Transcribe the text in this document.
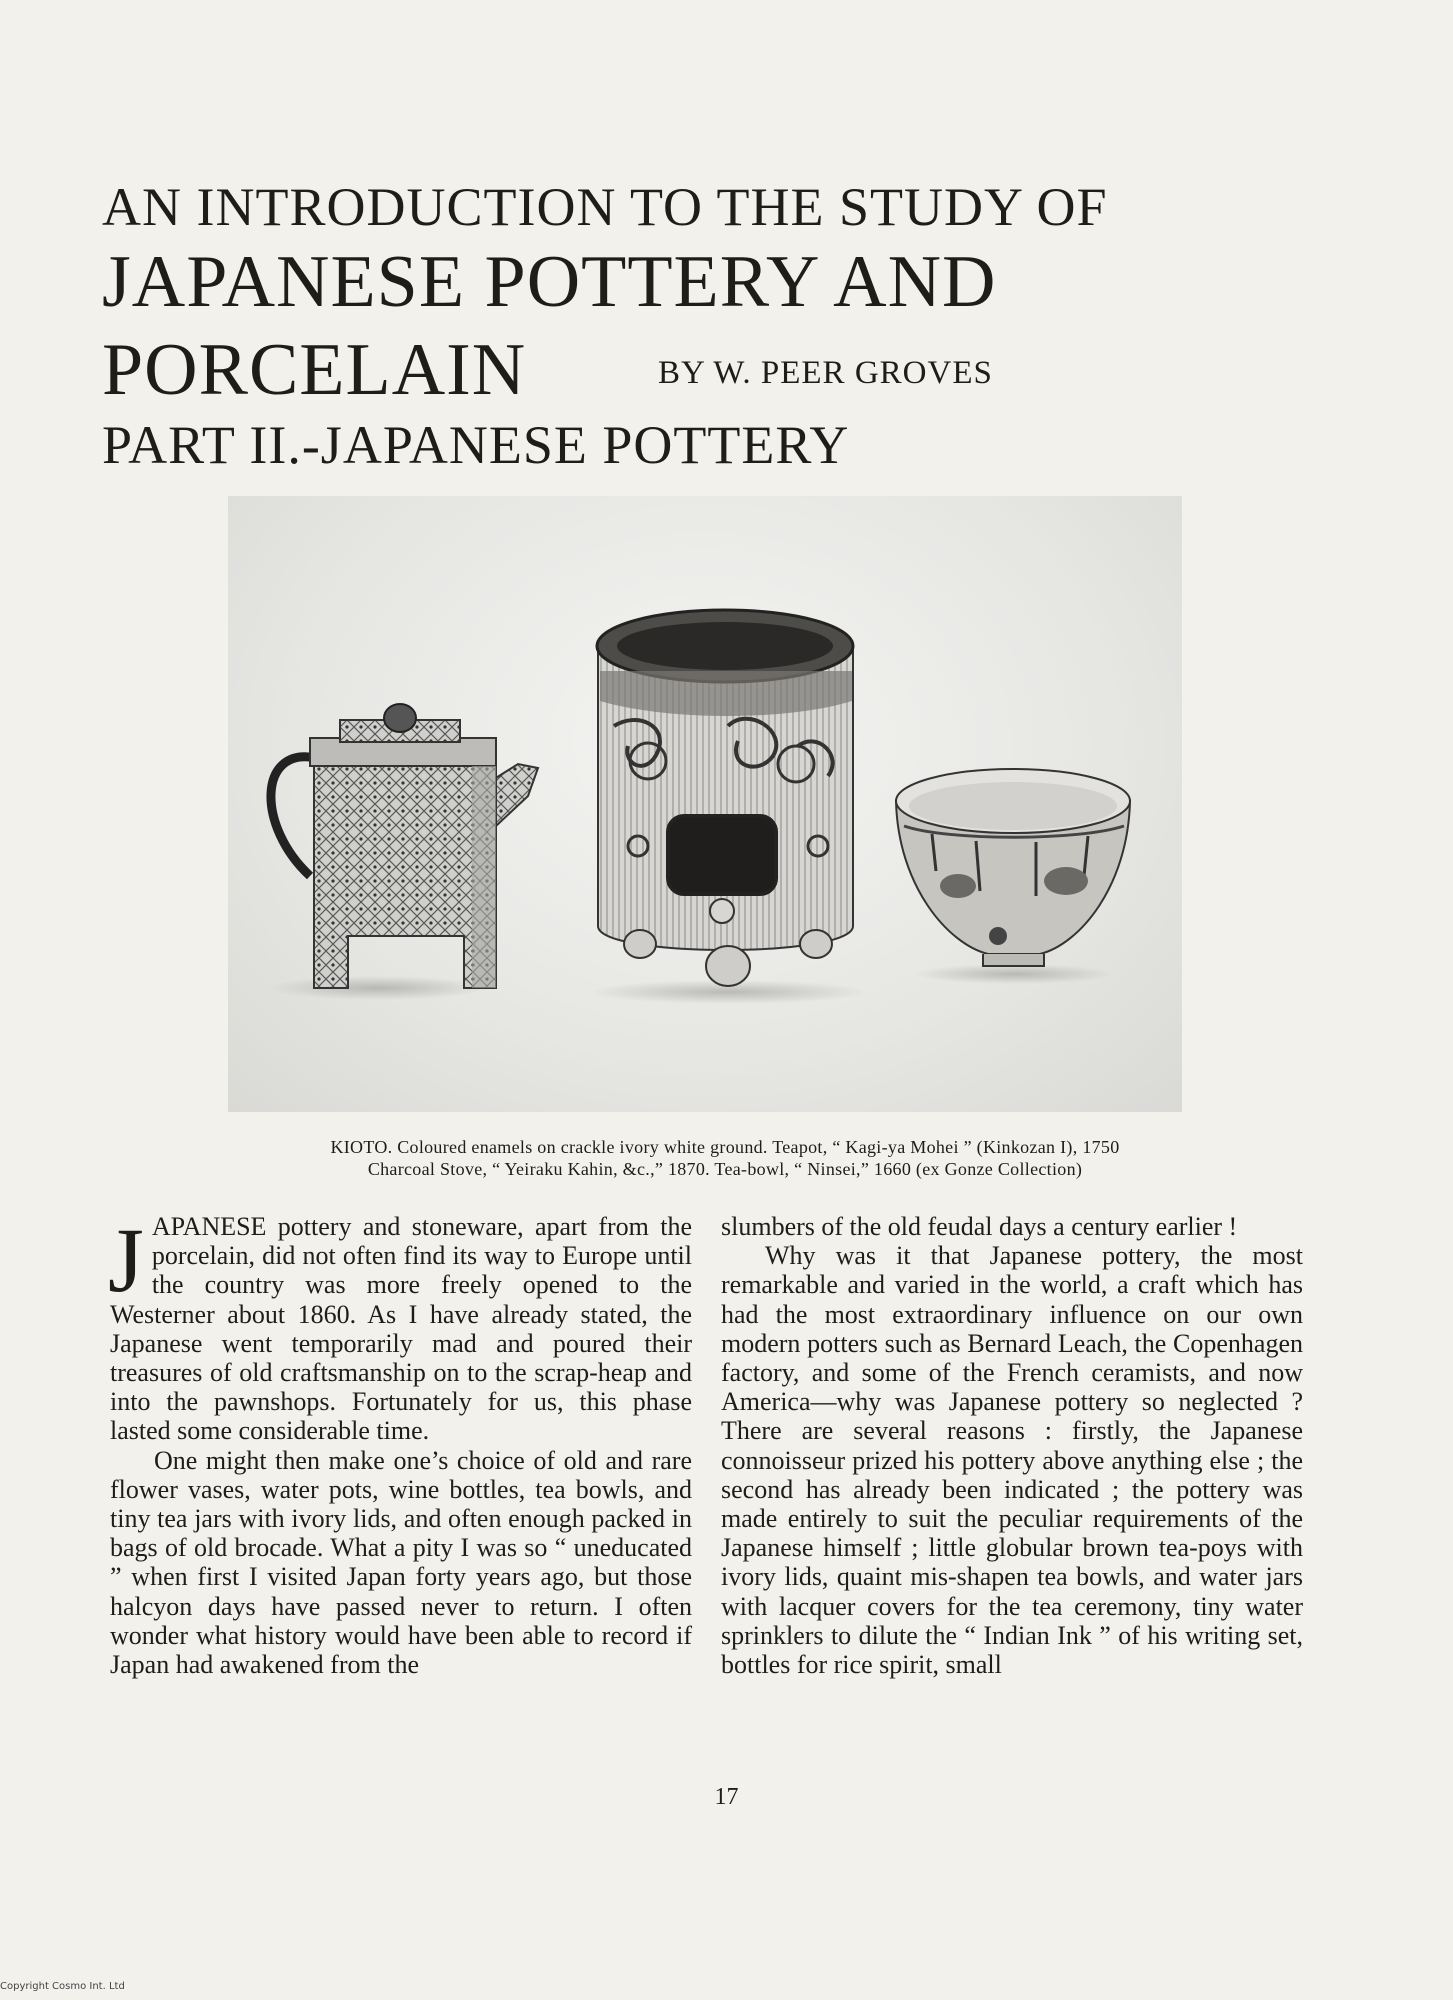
AN INTRODUCTION TO THE STUDY OF
JAPANESE POTTERY AND
PORCELAIN	BY W. PEER GROVES
PART II.-JAPANESE POTTERY
KIOTO. Coloured enamels on crackle ivory white ground. Teapot, “ Kagi-ya Mohei ” (Kinkozan I), 1750
Charcoal Stove, “ Yeiraku Kahin, &c.,” 1870. Tea-bowl, “ Ninsei,” 1660 (ex Gonze Collection)

JAPANESE pottery and stoneware, apart from the porcelain, did not often find its way to Europe until the country was more freely opened to the Westerner about 1860. As I have already stated, the Japanese went temporarily mad and poured their treasures of old craftsmanship on to the scrap-heap and into the pawnshops. Fortunately for us, this phase lasted some considerable time.

One might then make one’s choice of old and rare flower vases, water pots, wine bottles, tea bowls, and tiny tea jars with ivory lids, and often enough packed in bags of old brocade. What a pity I was so “ uneducated ” when first I visited Japan forty years ago, but those halcyon days have passed never to return. I often wonder what history would have been able to record if Japan had awakened from the

slumbers of the old feudal days a century earlier !

Why was it that Japanese pottery, the most remarkable and varied in the world, a craft which has had the most extraordinary influence on our own modern potters such as Bernard Leach, the Copenhagen factory, and some of the French ceramists, and now America—why was Japanese pottery so neglected ? There are several reasons : firstly, the Japanese connoisseur prized his pottery above anything else ; the second has already been indicated ; the pottery was made entirely to suit the peculiar requirements of the Japanese himself ; little globular brown tea-poys with ivory lids, quaint mis-shapen tea bowls, and water jars with lacquer covers for the tea ceremony, tiny water sprinklers to dilute the “ Indian Ink ” of his writing set, bottles for rice spirit, small

17
Copyright Cosmo Int. Ltd
